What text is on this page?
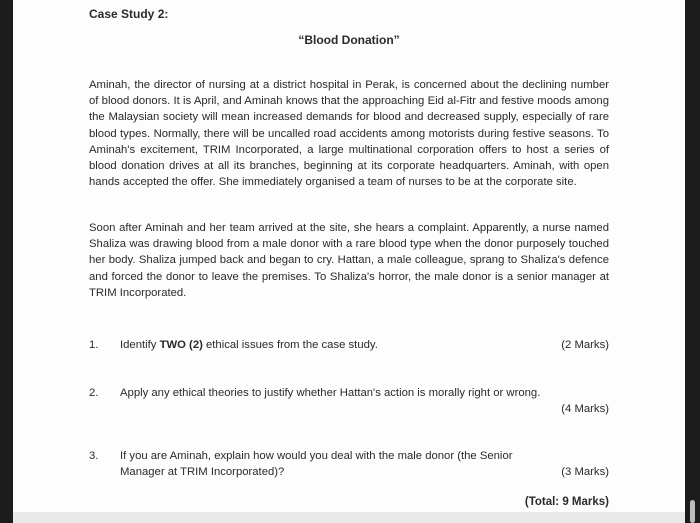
Case Study 2:
“Blood Donation”

Aminah, the director of nursing at a district hospital in Perak, is concerned about the declining number of blood donors. It is April, and Aminah knows that the approaching Eid al-Fitr and festive moods among the Malaysian society will mean increased demands for blood and decreased supply, especially of rare blood types. Normally, there will be uncalled road accidents among motorists during festive seasons. To Aminah's excitement, TRIM Incorporated, a large multinational corporation offers to host a series of blood donation drives at all its branches, beginning at its corporate headquarters. Aminah, with open hands accepted the offer. She immediately organised a team of nurses to be at the corporate site.

Soon after Aminah and her team arrived at the site, she hears a complaint. Apparently, a nurse named Shaliza was drawing blood from a male donor with a rare blood type when the donor purposely touched her body. Shaliza jumped back and began to cry. Hattan, a male colleague, sprang to Shaliza's defence and forced the donor to leave the premises. To Shaliza's horror, the male donor is a senior manager at TRIM Incorporated.

1. Identify TWO (2) ethical issues from the case study.	(2 Marks)
2. Apply any ethical theories to justify whether Hattan's action is morally right or wrong.
(4 Marks)
3. If you are Aminah, explain how would you deal with the male donor (the Senior Manager at TRIM Incorporated)?	(3 Marks)
(Total: 9 Marks)
